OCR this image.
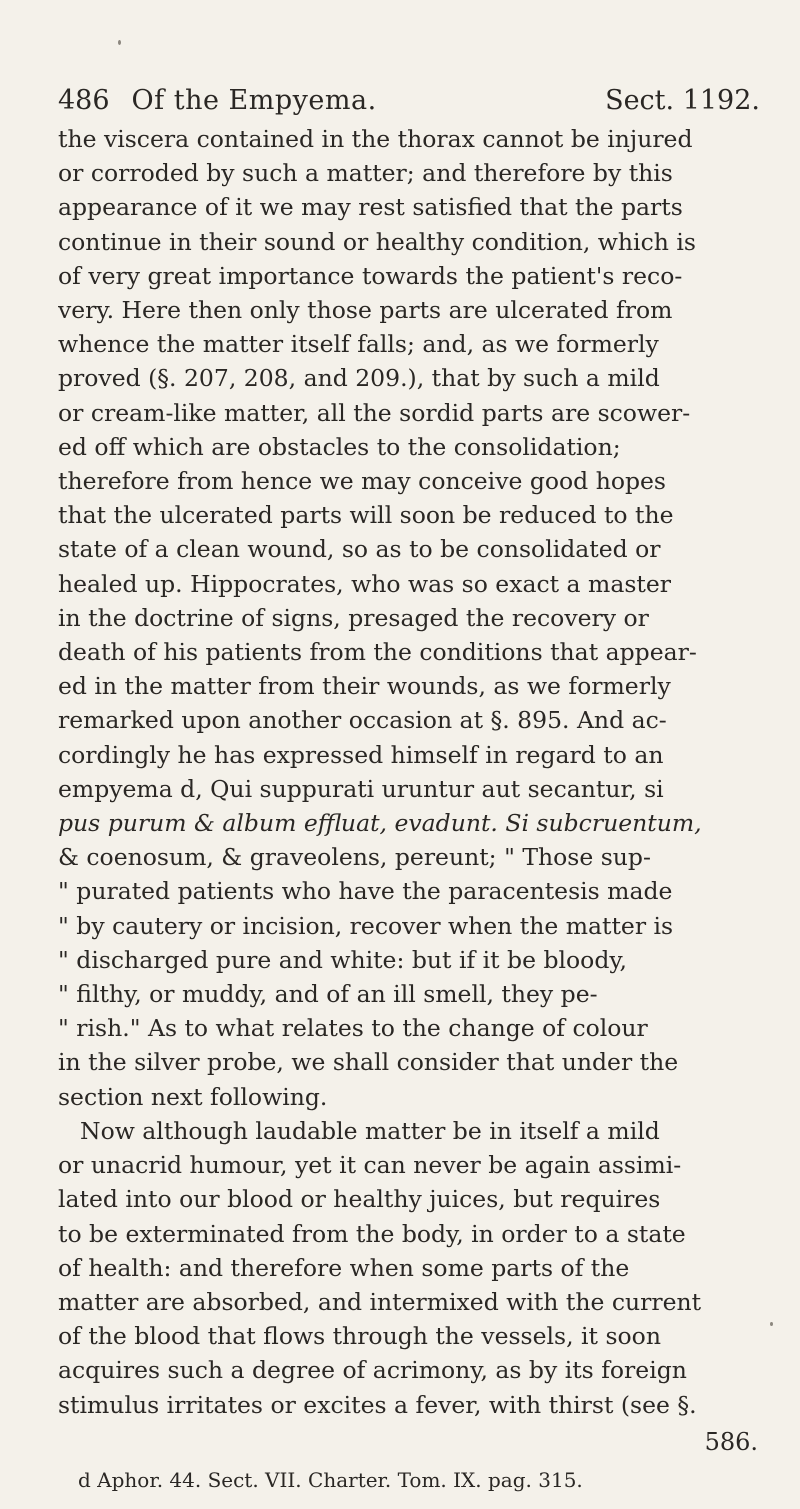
486 Of the Empyema.	Sect. 1192.
the viscera contained in the thorax cannot be injured
or corroded by such a matter; and therefore by this
appearance of it we may rest satisfied that the parts
continue in their sound or healthy condition, which is
of very great importance towards the patient's reco-
very. Here then only those parts are ulcerated from
whence the matter itself falls; and, as we formerly
proved (§. 207, 208, and 209.), that by such a mild
or cream-like matter, all the sordid parts are scower-
ed off which are obstacles to the consolidation;
therefore from hence we may conceive good hopes
that the ulcerated parts will soon be reduced to the
state of a clean wound, so as to be consolidated or
healed up. Hippocrates, who was so exact a master
in the doctrine of signs, presaged the recovery or
death of his patients from the conditions that appear-
ed in the matter from their wounds, as we formerly
remarked upon another occasion at §. 895. And ac-
cordingly he has expressed himself in regard to an
empyema d, Qui suppurati uruntur aut secantur, si
pus purum & album effluat, evadunt. Si subcruentum,
& coenosum, & graveolens, pereunt; " Those sup-
" purated patients who have the paracentesis made
" by cautery or incision, recover when the matter is
" discharged pure and white: but if it be bloody,
" filthy, or muddy, and of an ill smell, they pe-
" rish." As to what relates to the change of colour
in the silver probe, we shall consider that under the
section next following.
Now although laudable matter be in itself a mild
or unacrid humour, yet it can never be again assimi-
lated into our blood or healthy juices, but requires
to be exterminated from the body, in order to a state
of health: and therefore when some parts of the
matter are absorbed, and intermixed with the current
of the blood that flows through the vessels, it soon
acquires such a degree of acrimony, as by its foreign
stimulus irritates or excites a fever, with thirst (see §.
586.
d Aphor. 44. Sect. VII. Charter. Tom. IX. pag. 315.
